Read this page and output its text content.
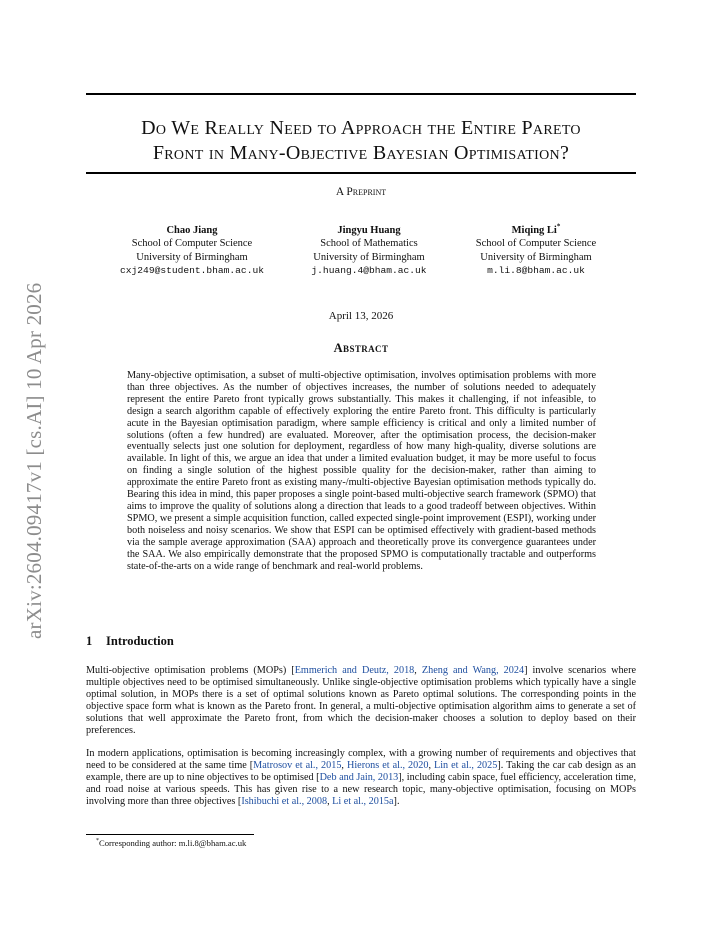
arXiv:2604.09417v1 [cs.AI] 10 Apr 2026
Do We Really Need to Approach the Entire Pareto
Front in Many-Objective Bayesian Optimisation?
A Preprint
Chao Jiang
School of Computer Science
University of Birmingham
cxj249@student.bham.ac.uk
Jingyu Huang
School of Mathematics
University of Birmingham
j.huang.4@bham.ac.uk
Miqing Li*
School of Computer Science
University of Birmingham
m.li.8@bham.ac.uk
April 13, 2026
Abstract
Many-objective optimisation, a subset of multi-objective optimisation, involves optimisation problems with more than three objectives. As the number of objectives increases, the number of solutions needed to adequately represent the entire Pareto front typically grows substantially. This makes it challenging, if not infeasible, to design a search algorithm capable of effectively exploring the entire Pareto front. This difficulty is particularly acute in the Bayesian optimisation paradigm, where sample efficiency is critical and only a limited number of solutions (often a few hundred) are evaluated. Moreover, after the optimisation process, the decision-maker eventually selects just one solution for deployment, regardless of how many high-quality, diverse solutions are available. In light of this, we argue an idea that under a limited evaluation budget, it may be more useful to focus on finding a single solution of the highest possible quality for the decision-maker, rather than aiming to approximate the entire Pareto front as existing many-/multi-objective Bayesian optimisation methods typically do. Bearing this idea in mind, this paper proposes a single point-based multi-objective search framework (SPMO) that aims to improve the quality of solutions along a direction that leads to a good tradeoff between objectives. Within SPMO, we present a simple acquisition function, called expected single-point improvement (ESPI), working under both noiseless and noisy scenarios. We show that ESPI can be optimised effectively with gradient-based methods via the sample average approximation (SAA) approach and theoretically prove its convergence guarantees under the SAA. We also empirically demonstrate that the proposed SPMO is computationally tractable and outperforms state-of-the-arts on a wide range of benchmark and real-world problems.
1 Introduction
Multi-objective optimisation problems (MOPs) [Emmerich and Deutz, 2018, Zheng and Wang, 2024] involve scenarios where multiple objectives need to be optimised simultaneously. Unlike single-objective optimisation problems which typically have a single optimal solution, in MOPs there is a set of optimal solutions known as Pareto optimal solutions. The corresponding points in the objective space form what is known as the Pareto front. In general, a multi-objective optimisation algorithm aims to generate a set of solutions that well approximate the Pareto front, from which the decision-maker chooses a solution to deploy based on their preferences.
In modern applications, optimisation is becoming increasingly complex, with a growing number of requirements and objectives that need to be considered at the same time [Matrosov et al., 2015, Hierons et al., 2020, Lin et al., 2025]. Taking the car cab design as an example, there are up to nine objectives to be optimised [Deb and Jain, 2013], including cabin space, fuel efficiency, acceleration time, and road noise at various speeds. This has given rise to a new research topic, many-objective optimisation, focusing on MOPs involving more than three objectives [Ishibuchi et al., 2008, Li et al., 2015a].
*Corresponding author: m.li.8@bham.ac.uk
